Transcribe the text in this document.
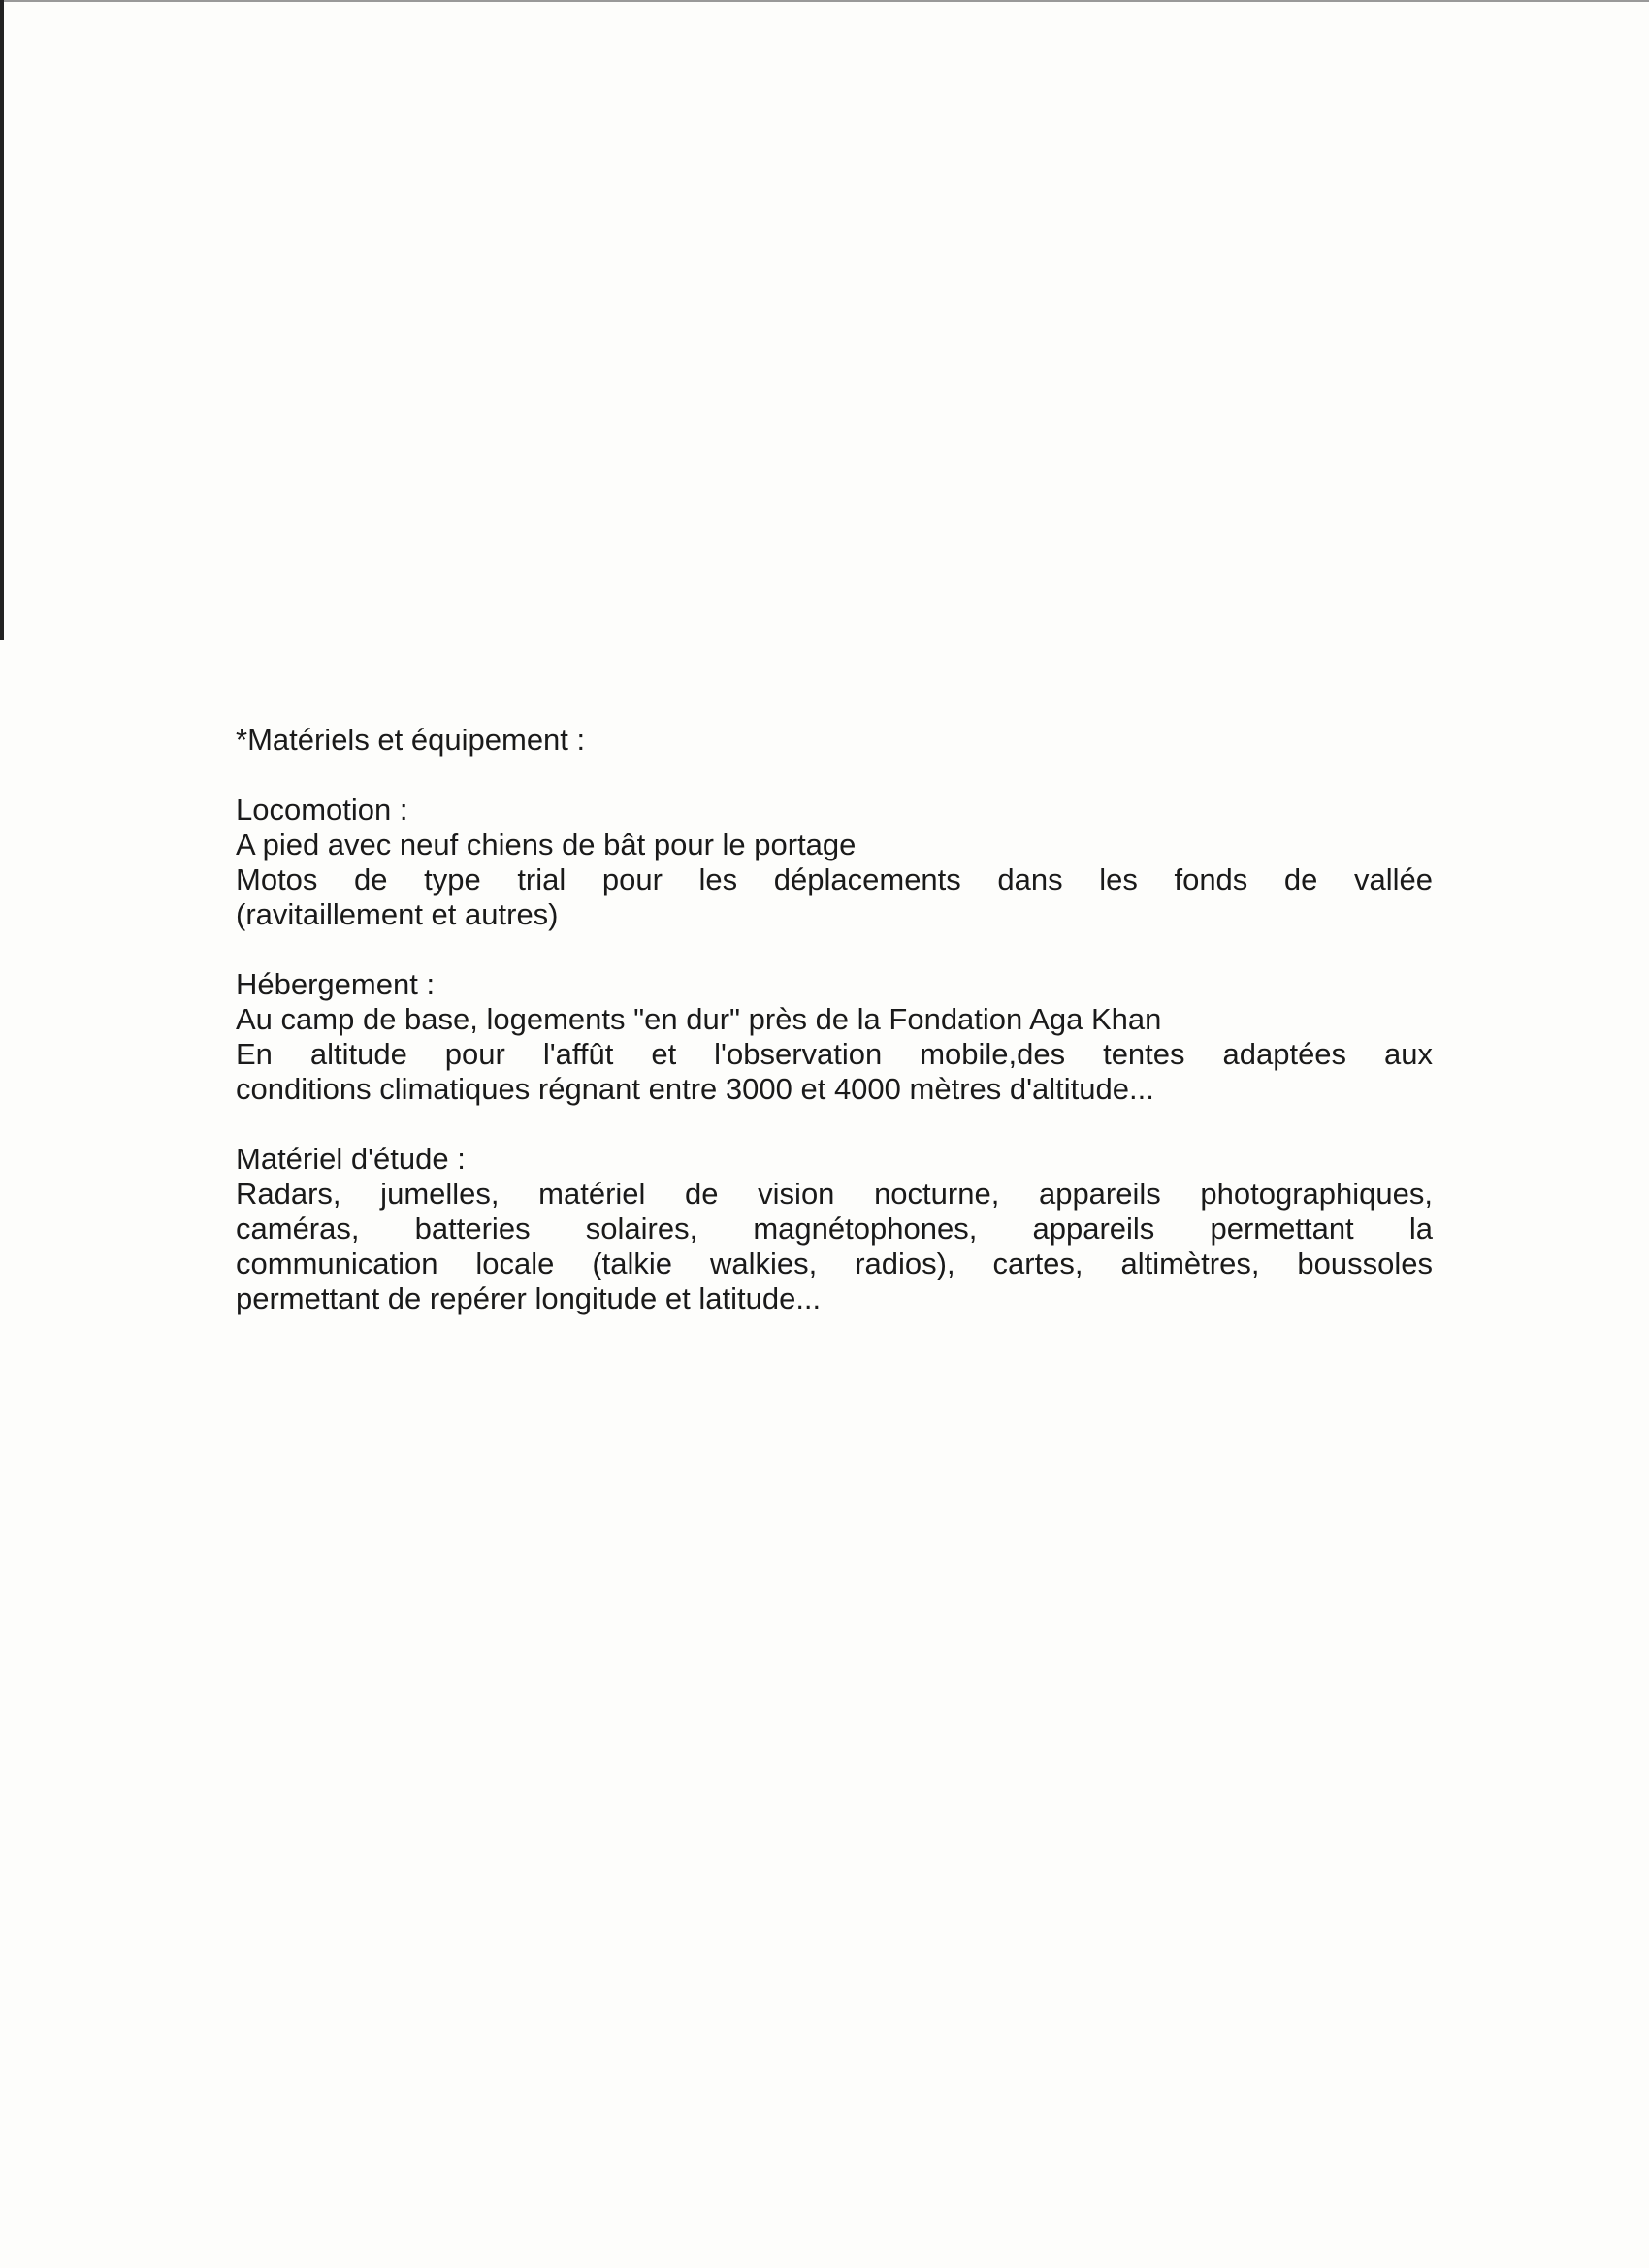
*Matériels et équipement :
Locomotion :
A pied avec neuf chiens de bât pour le portage
Motos de type trial pour les déplacements dans les fonds de vallée
(ravitaillement et autres)
Hébergement :
Au camp de base, logements "en dur" près de la Fondation Aga Khan
En altitude pour l'affût et l'observation mobile,des tentes adaptées aux
conditions climatiques régnant entre 3000 et 4000 mètres d'altitude...
Matériel d'étude :
Radars, jumelles, matériel de vision nocturne, appareils photographiques,
caméras, batteries solaires, magnétophones, appareils permettant la
communication locale (talkie walkies, radios), cartes, altimètres, boussoles
permettant de repérer longitude et latitude...
